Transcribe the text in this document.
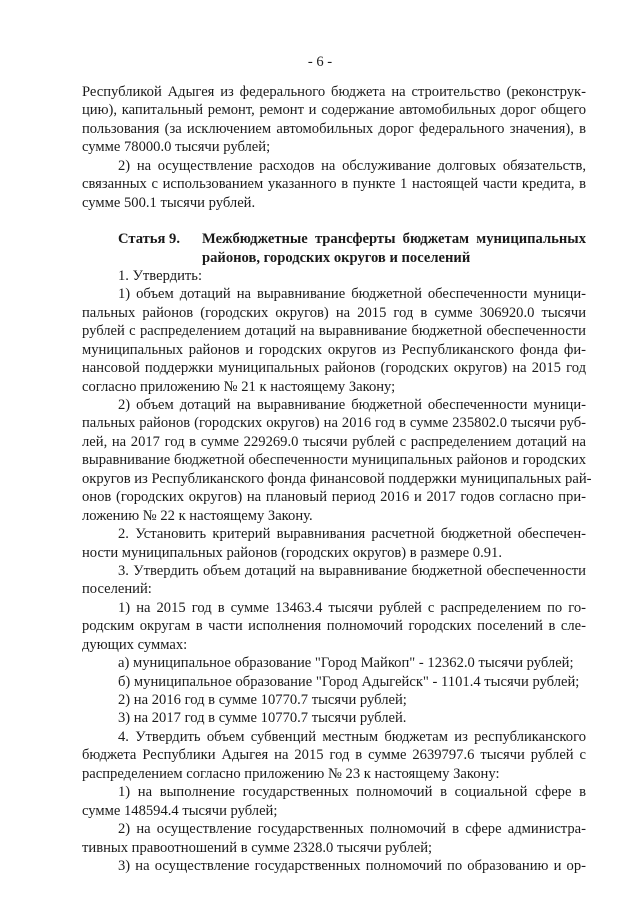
- 6 -
Республикой Адыгея из федерального бюджета на строительство (реконструк-
цию), капитальный ремонт, ремонт и содержание автомобильных дорог общего
пользования (за исключением автомобильных дорог федерального значения), в
сумме 78000.0 тысячи рублей;
2) на осуществление расходов на обслуживание долговых обязательств,
связанных с использованием указанного в пункте 1 настоящей части кредита, в
сумме 500.1 тысячи рублей.
Статья 9. Межбюджетные трансферты бюджетам муниципальных
районов, городских округов и поселений
1. Утвердить:
1) объем дотаций на выравнивание бюджетной обеспеченности муници-
пальных районов (городских округов) на 2015 год в сумме 306920.0 тысячи
рублей с распределением дотаций на выравнивание бюджетной обеспеченности
муниципальных районов и городских округов из Республиканского фонда фи-
нансовой поддержки муниципальных районов (городских округов) на 2015 год
согласно приложению № 21 к настоящему Закону;
2) объем дотаций на выравнивание бюджетной обеспеченности муници-
пальных районов (городских округов) на 2016 год в сумме 235802.0 тысячи руб-
лей, на 2017 год в сумме 229269.0 тысячи рублей с распределением дотаций на
выравнивание бюджетной обеспеченности муниципальных районов и городских
округов из Республиканского фонда финансовой поддержки муниципальных рай-
онов (городских округов) на плановый период 2016 и 2017 годов согласно при-
ложению № 22 к настоящему Закону.
2. Установить критерий выравнивания расчетной бюджетной обеспечен-
ности муниципальных районов (городских округов) в размере 0.91.
3. Утвердить объем дотаций на выравнивание бюджетной обеспеченности
поселений:
1) на 2015 год в сумме 13463.4 тысячи рублей с распределением по го-
родским округам в части исполнения полномочий городских поселений в сле-
дующих суммах:
а) муниципальное образование "Город Майкоп" - 12362.0 тысячи рублей;
б) муниципальное образование "Город Адыгейск" - 1101.4 тысячи рублей;
2) на 2016 год в сумме 10770.7 тысячи рублей;
3) на 2017 год в сумме 10770.7 тысячи рублей.
4. Утвердить объем субвенций местным бюджетам из республиканского
бюджета Республики Адыгея на 2015 год в сумме 2639797.6 тысячи рублей с
распределением согласно приложению № 23 к настоящему Закону:
1) на выполнение государственных полномочий в социальной сфере в
сумме 148594.4 тысячи рублей;
2) на осуществление государственных полномочий в сфере администра-
тивных правоотношений в сумме 2328.0 тысячи рублей;
3) на осуществление государственных полномочий по образованию и ор-
